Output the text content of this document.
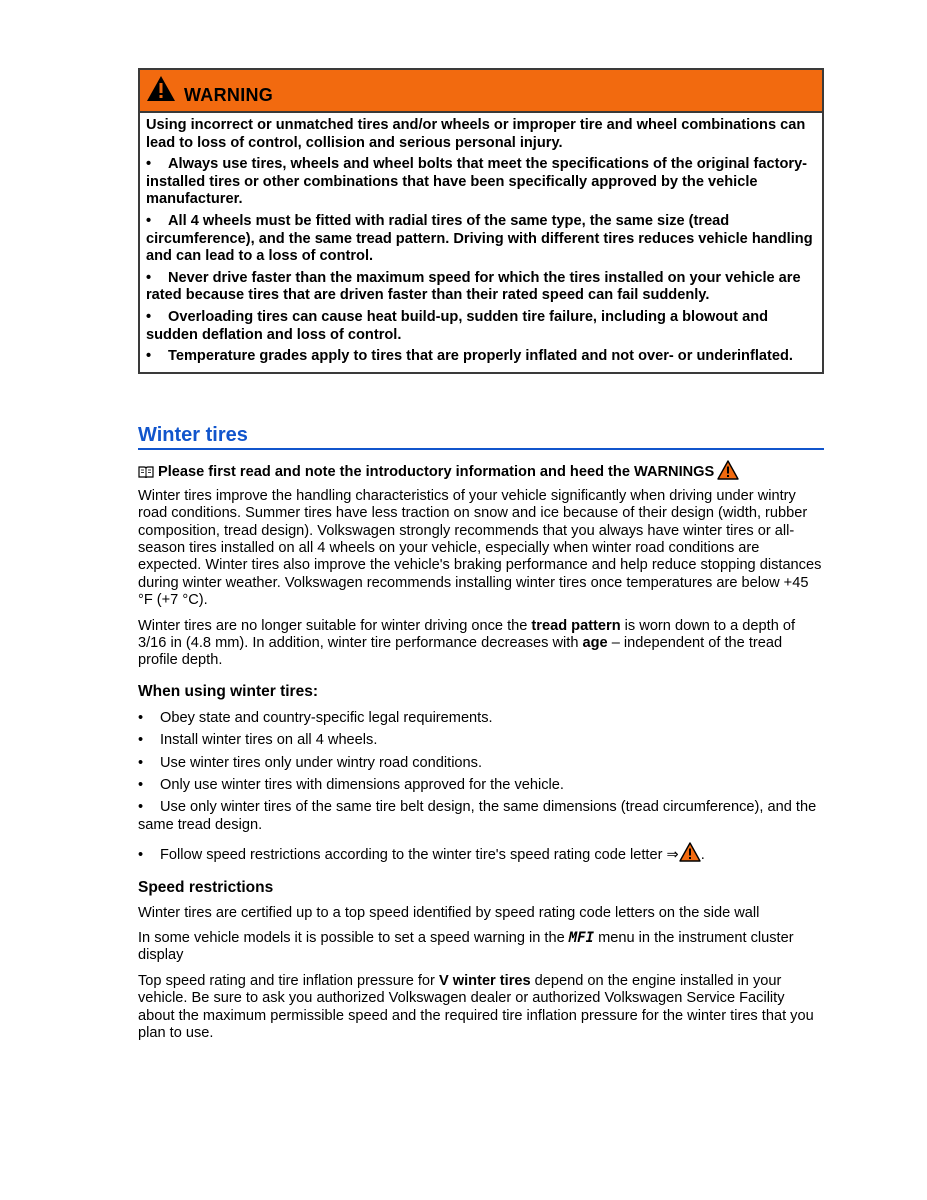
WARNING

Using incorrect or unmatched tires and/or wheels or improper tire and wheel combinations can lead to loss of control, collision and serious personal injury.

• Always use tires, wheels and wheel bolts that meet the specifications of the original factory-installed tires or other combinations that have been specifically approved by the vehicle manufacturer.

• All 4 wheels must be fitted with radial tires of the same type, the same size (tread circumference), and the same tread pattern. Driving with different tires reduces vehicle handling and can lead to a loss of control.

• Never drive faster than the maximum speed for which the tires installed on your vehicle are rated because tires that are driven faster than their rated speed can fail suddenly.

• Overloading tires can cause heat build-up, sudden tire failure, including a blowout and sudden deflation and loss of control.

• Temperature grades apply to tires that are properly inflated and not over- or underinflated.

Winter tires
Please first read and note the introductory information and heed the WARNINGS

Winter tires improve the handling characteristics of your vehicle significantly when driving under wintry road conditions. Summer tires have less traction on snow and ice because of their design (width, rubber composition, tread design). Volkswagen strongly recommends that you always have winter tires or all-season tires installed on all 4 wheels on your vehicle, especially when winter road conditions are expected. Winter tires also improve the vehicle's braking performance and help reduce stopping distances during winter weather. Volkswagen recommends installing winter tires once temperatures are below +45 °F (+7 °C).

Winter tires are no longer suitable for winter driving once the tread pattern is worn down to a depth of 3/16 in (4.8 mm). In addition, winter tire performance decreases with age – independent of the tread profile depth.

When using winter tires:
• Obey state and country-specific legal requirements.
• Install winter tires on all 4 wheels.
• Use winter tires only under wintry road conditions.
• Only use winter tires with dimensions approved for the vehicle.
• Use only winter tires of the same tire belt design, the same dimensions (tread circumference), and the same tread design.
• Follow speed restrictions according to the winter tire's speed rating code letter ⇒ .
Speed restrictions

Winter tires are certified up to a top speed identified by speed rating code letters on the side wall

In some vehicle models it is possible to set a speed warning in the MFI menu in the instrument cluster display

Top speed rating and tire inflation pressure for V winter tires depend on the engine installed in your vehicle. Be sure to ask you authorized Volkswagen dealer or authorized Volkswagen Service Facility about the maximum permissible speed and the required tire inflation pressure for the winter tires that you plan to use.
